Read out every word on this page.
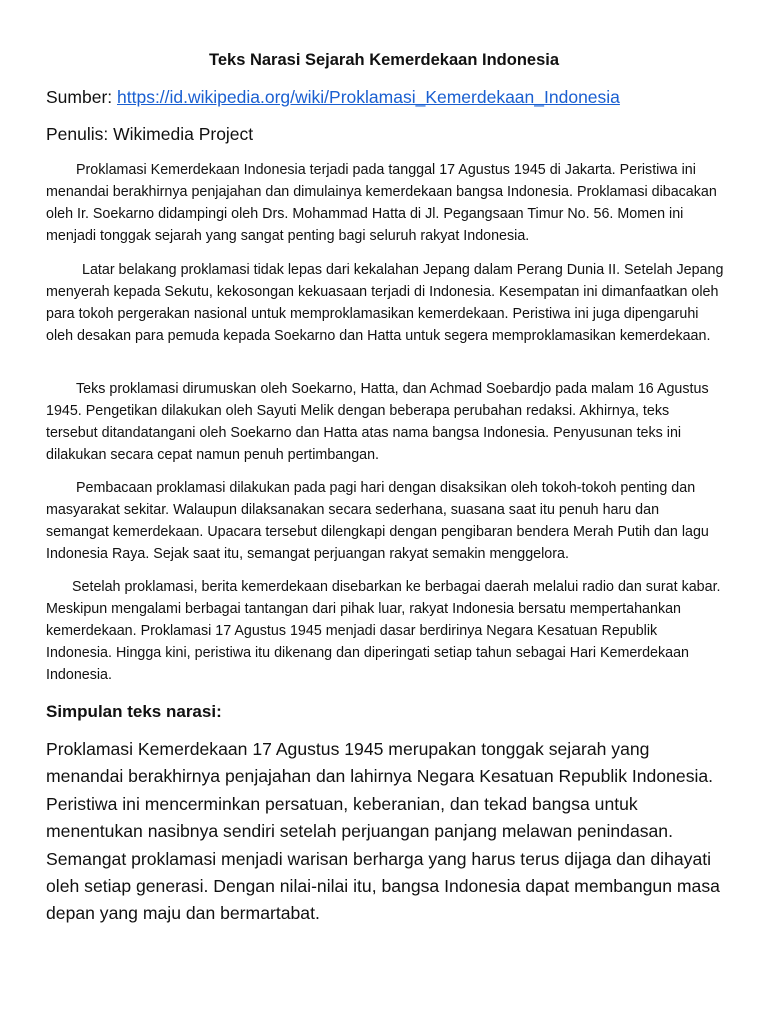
Teks Narasi Sejarah Kemerdekaan Indonesia
Sumber: https://id.wikipedia.org/wiki/Proklamasi_Kemerdekaan_Indonesia
Penulis: Wikimedia Project

Proklamasi Kemerdekaan Indonesia terjadi pada tanggal 17 Agustus 1945 di Jakarta. Peristiwa ini menandai berakhirnya penjajahan dan dimulainya kemerdekaan bangsa Indonesia. Proklamasi dibacakan oleh Ir. Soekarno didampingi oleh Drs. Mohammad Hatta di Jl. Pegangsaan Timur No. 56. Momen ini menjadi tonggak sejarah yang sangat penting bagi seluruh rakyat Indonesia.

Latar belakang proklamasi tidak lepas dari kekalahan Jepang dalam Perang Dunia II. Setelah Jepang menyerah kepada Sekutu, kekosongan kekuasaan terjadi di Indonesia. Kesempatan ini dimanfaatkan oleh para tokoh pergerakan nasional untuk memproklamasikan kemerdekaan. Peristiwa ini juga dipengaruhi oleh desakan para pemuda kepada Soekarno dan Hatta untuk segera memproklamasikan kemerdekaan.

Teks proklamasi dirumuskan oleh Soekarno, Hatta, dan Achmad Soebardjo pada malam 16 Agustus 1945. Pengetikan dilakukan oleh Sayuti Melik dengan beberapa perubahan redaksi. Akhirnya, teks tersebut ditandatangani oleh Soekarno dan Hatta atas nama bangsa Indonesia. Penyusunan teks ini dilakukan secara cepat namun penuh pertimbangan.

Pembacaan proklamasi dilakukan pada pagi hari dengan disaksikan oleh tokoh-tokoh penting dan masyarakat sekitar. Walaupun dilaksanakan secara sederhana, suasana saat itu penuh haru dan semangat kemerdekaan. Upacara tersebut dilengkapi dengan pengibaran bendera Merah Putih dan lagu Indonesia Raya. Sejak saat itu, semangat perjuangan rakyat semakin menggelora.

Setelah proklamasi, berita kemerdekaan disebarkan ke berbagai daerah melalui radio dan surat kabar. Meskipun mengalami berbagai tantangan dari pihak luar, rakyat Indonesia bersatu mempertahankan kemerdekaan. Proklamasi 17 Agustus 1945 menjadi dasar berdirinya Negara Kesatuan Republik Indonesia. Hingga kini, peristiwa itu dikenang dan diperingati setiap tahun sebagai Hari Kemerdekaan Indonesia.

Simpulan teks narasi:

Proklamasi Kemerdekaan 17 Agustus 1945 merupakan tonggak sejarah yang menandai berakhirnya penjajahan dan lahirnya Negara Kesatuan Republik Indonesia. Peristiwa ini mencerminkan persatuan, keberanian, dan tekad bangsa untuk menentukan nasibnya sendiri setelah perjuangan panjang melawan penindasan. Semangat proklamasi menjadi warisan berharga yang harus terus dijaga dan dihayati oleh setiap generasi. Dengan nilai-nilai itu, bangsa Indonesia dapat membangun masa depan yang maju dan bermartabat.
